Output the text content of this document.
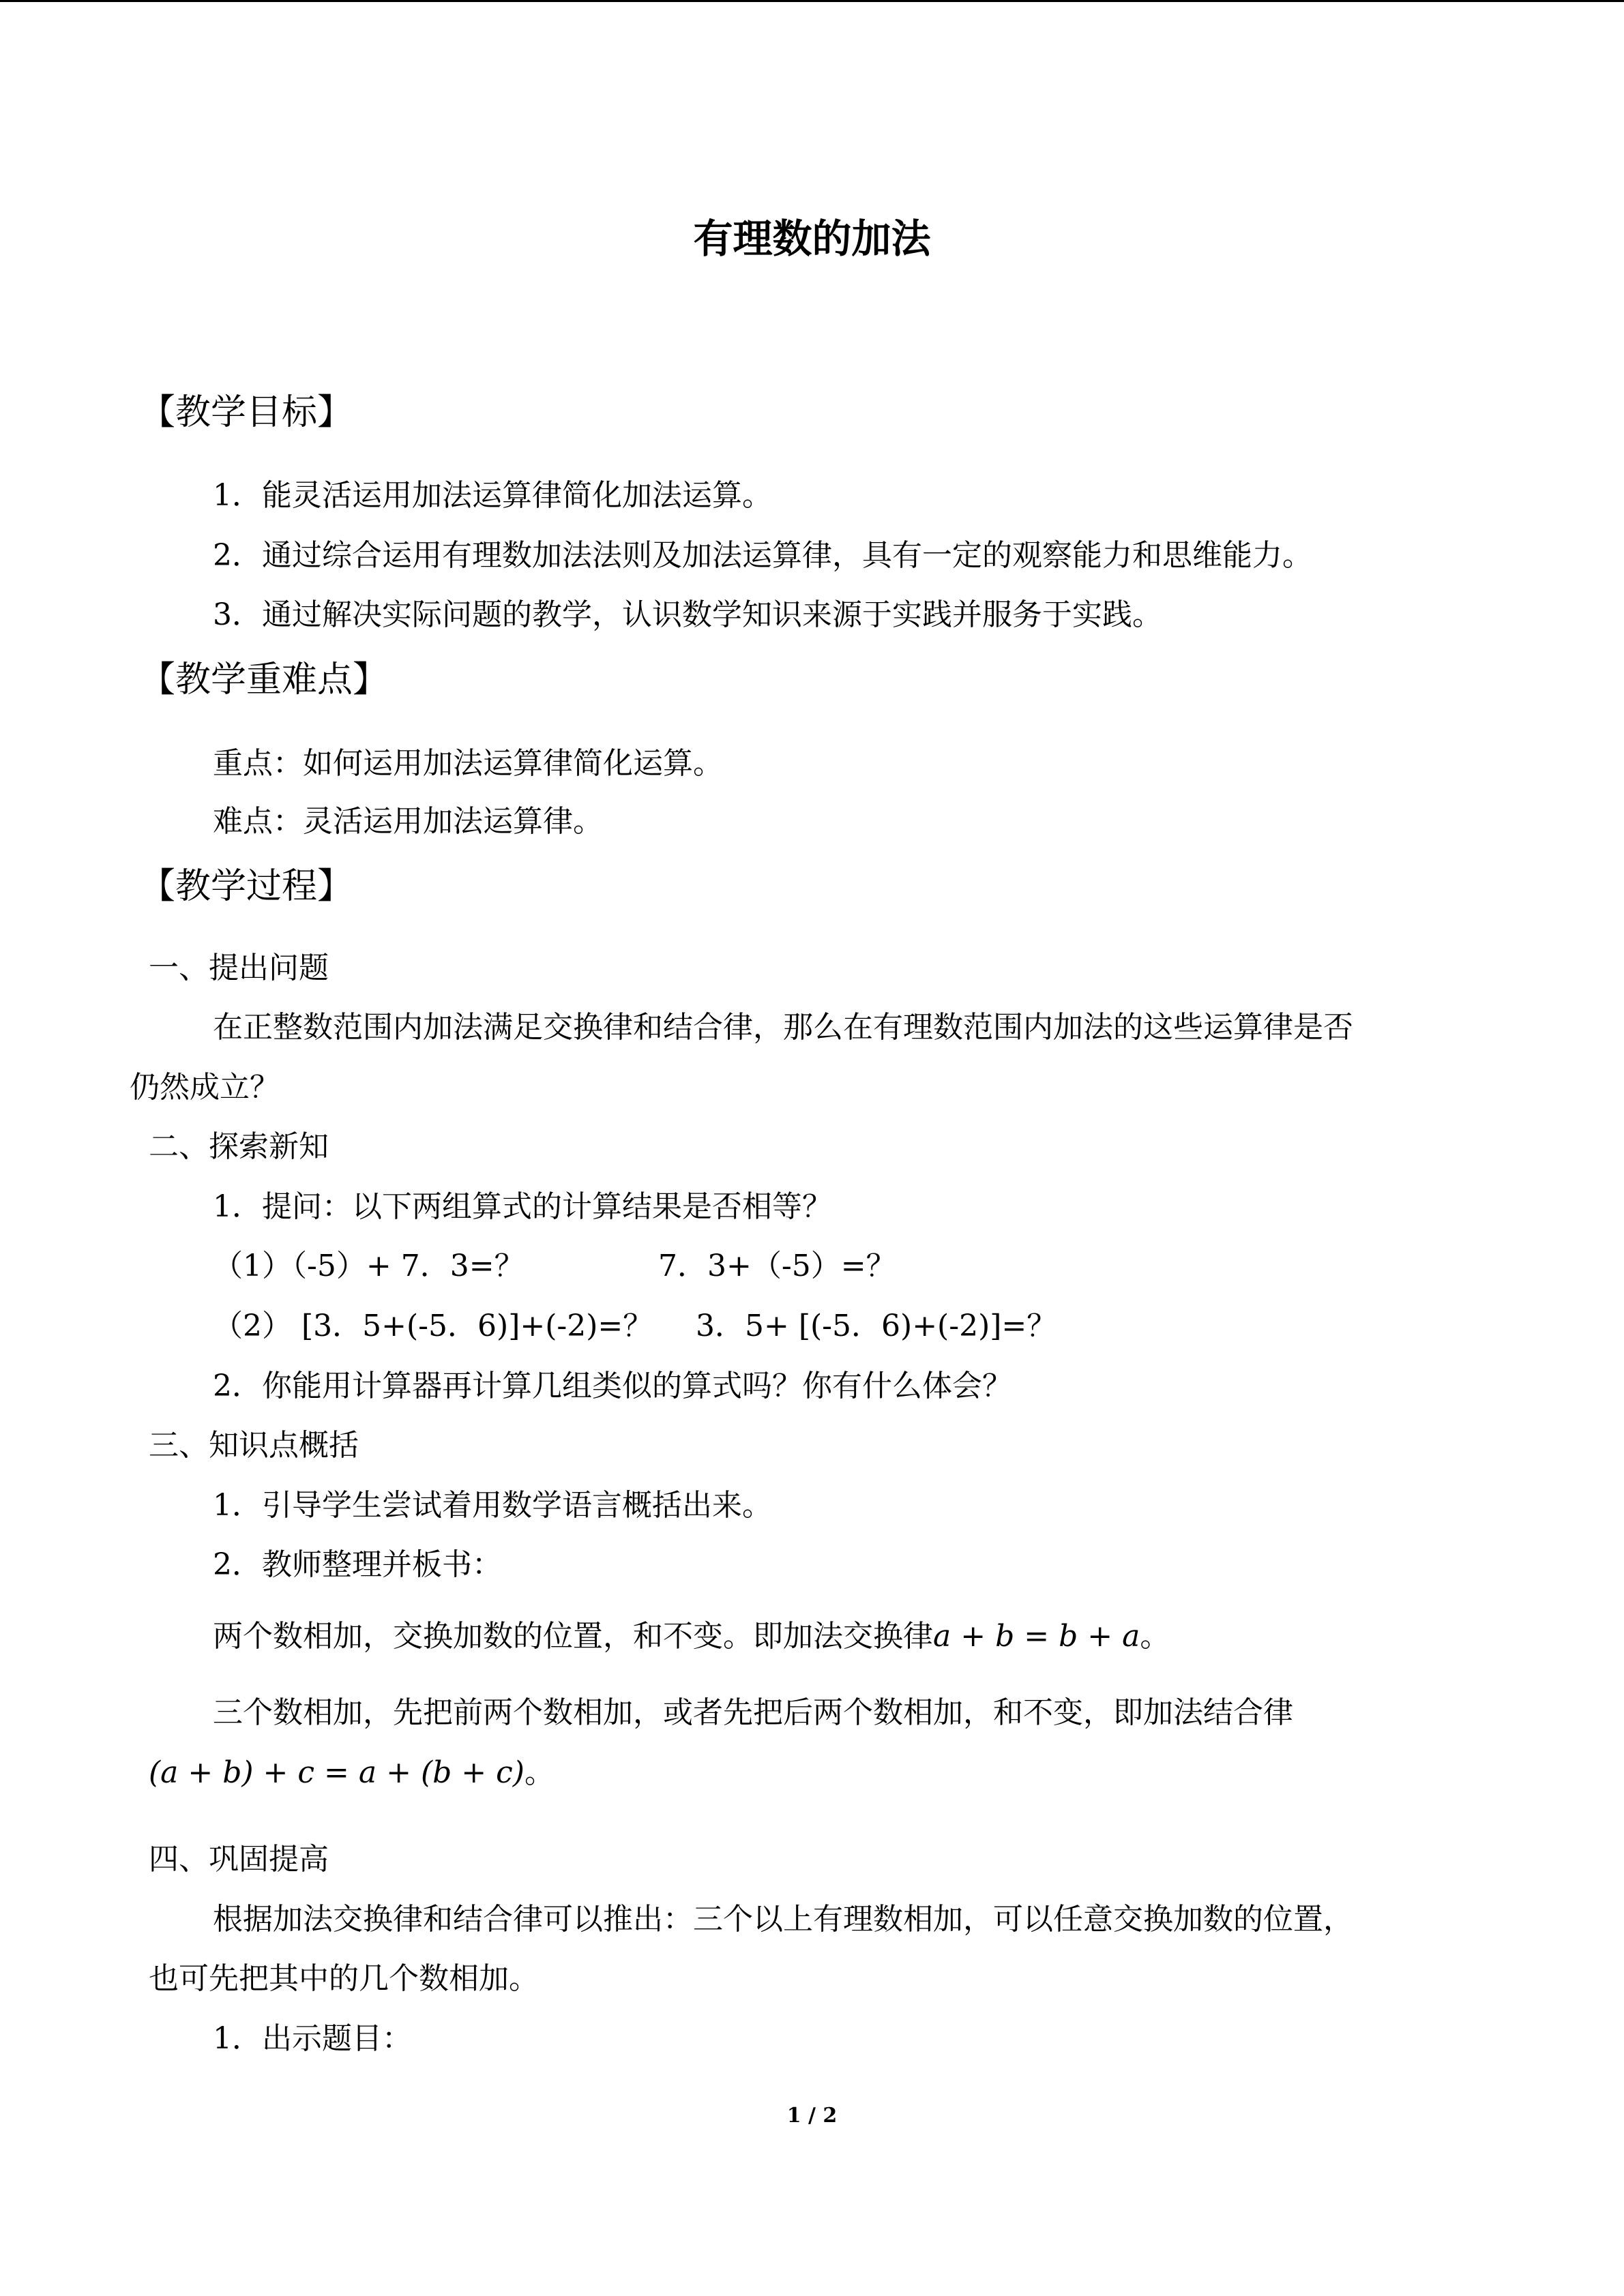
有理数的加法
【教学目标】
1．能灵活运用加法运算律简化加法运算。
2．通过综合运用有理数加法法则及加法运算律，具有一定的观察能力和思维能力。
3．通过解决实际问题的教学，认识数学知识来源于实践并服务于实践。
【教学重难点】
重点：如何运用加法运算律简化运算。
难点：灵活运用加法运算律。
【教学过程】
一、提出问题
在正整数范围内加法满足交换律和结合律，那么在有理数范围内加法的这些运算律是否
仍然成立？
二、探索新知
1．提问：以下两组算式的计算结果是否相等？
（1）（-5）+ 7．3=？	7．3+（-5）=？
（2） [3．5+(-5．6)]+(-2)=？ 3．5+ [(-5．6)+(-2)]=？
2．你能用计算器再计算几组类似的算式吗？你有什么体会？
三、知识点概括
1．引导学生尝试着用数学语言概括出来。
2．教师整理并板书：
两个数相加，交换加数的位置，和不变。即加法交换律a + b = b + a。
三个数相加，先把前两个数相加，或者先把后两个数相加，和不变，即加法结合律
(a + b) + c = a + (b + c)。
四、巩固提高
根据加法交换律和结合律可以推出：三个以上有理数相加，可以任意交换加数的位置，
也可先把其中的几个数相加。
1．出示题目：
1 / 2
